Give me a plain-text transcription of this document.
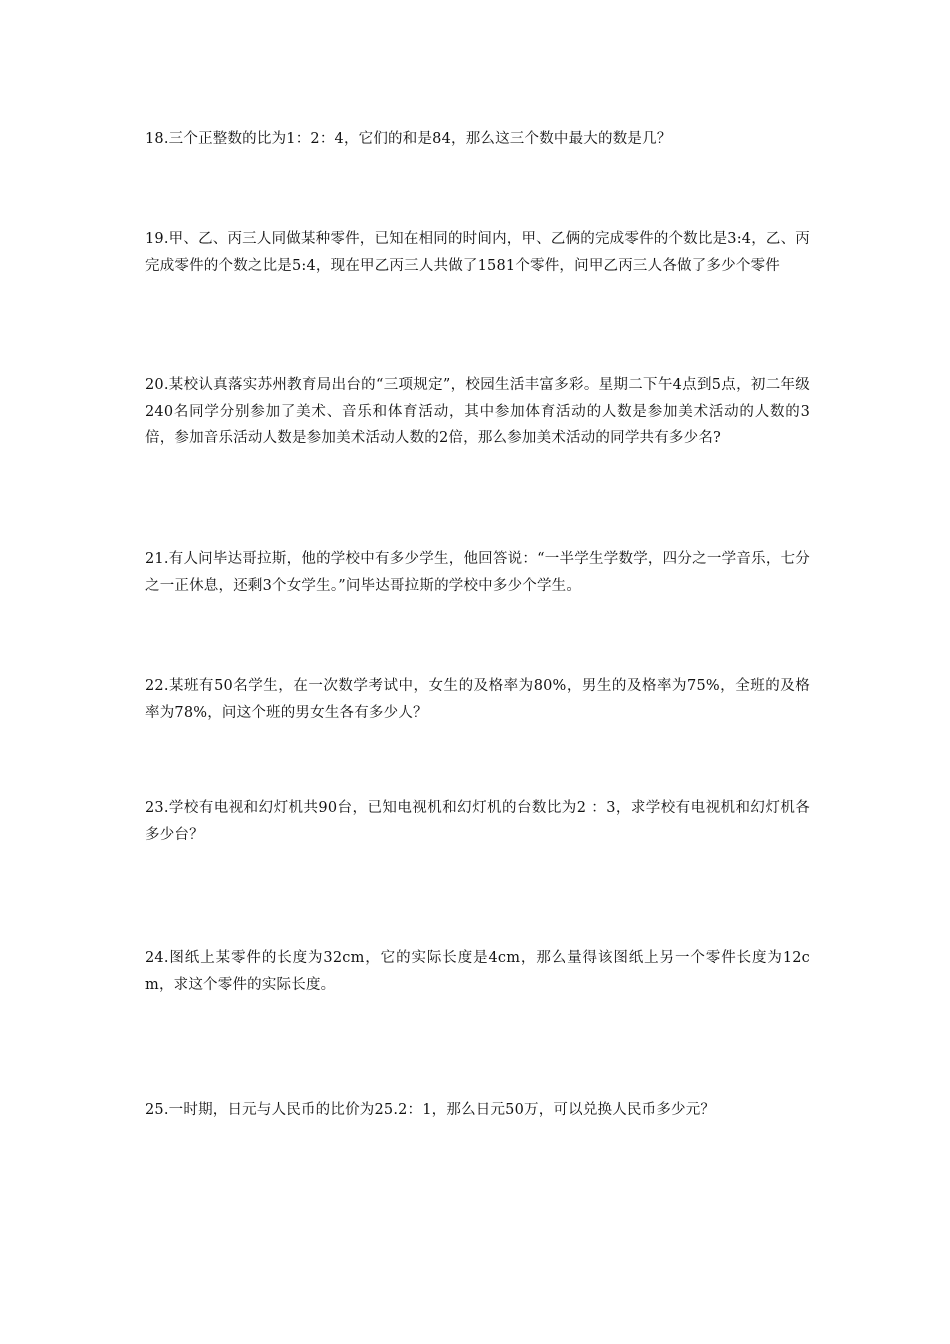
18.三个正整数的比为1：2：4，它们的和是84，那么这三个数中最大的数是几？

19.甲、乙、丙三人同做某种零件，已知在相同的时间内，甲、乙俩的完成零件的个数比是3:4，乙、丙完成零件的个数之比是5:4，现在甲乙丙三人共做了1581个零件，问甲乙丙三人各做了多少个零件

20.某校认真落实苏州教育局出台的“三项规定”，校园生活丰富多彩。星期二下午4点到5点，初二年级240名同学分别参加了美术、音乐和体育活动，其中参加体育活动的人数是参加美术活动的人数的3倍，参加音乐活动人数是参加美术活动人数的2倍，那么参加美术活动的同学共有多少名?

21.有人问毕达哥拉斯，他的学校中有多少学生，他回答说：“一半学生学数学，四分之一学音乐，七分之一正休息，还剩3个女学生。”问毕达哥拉斯的学校中多少个学生。

22.某班有50名学生，在一次数学考试中，女生的及格率为80%，男生的及格率为75%，全班的及格率为78%，问这个班的男女生各有多少人？

23.学校有电视和幻灯机共90台，已知电视机和幻灯机的台数比为2 ：3，求学校有电视机和幻灯机各多少台？

24.图纸上某零件的长度为32cm，它的实际长度是4cm，那么量得该图纸上另一个零件长度为12cm，求这个零件的实际长度。

25.一时期，日元与人民币的比价为25.2：1，那么日元50万，可以兑换人民币多少元？
